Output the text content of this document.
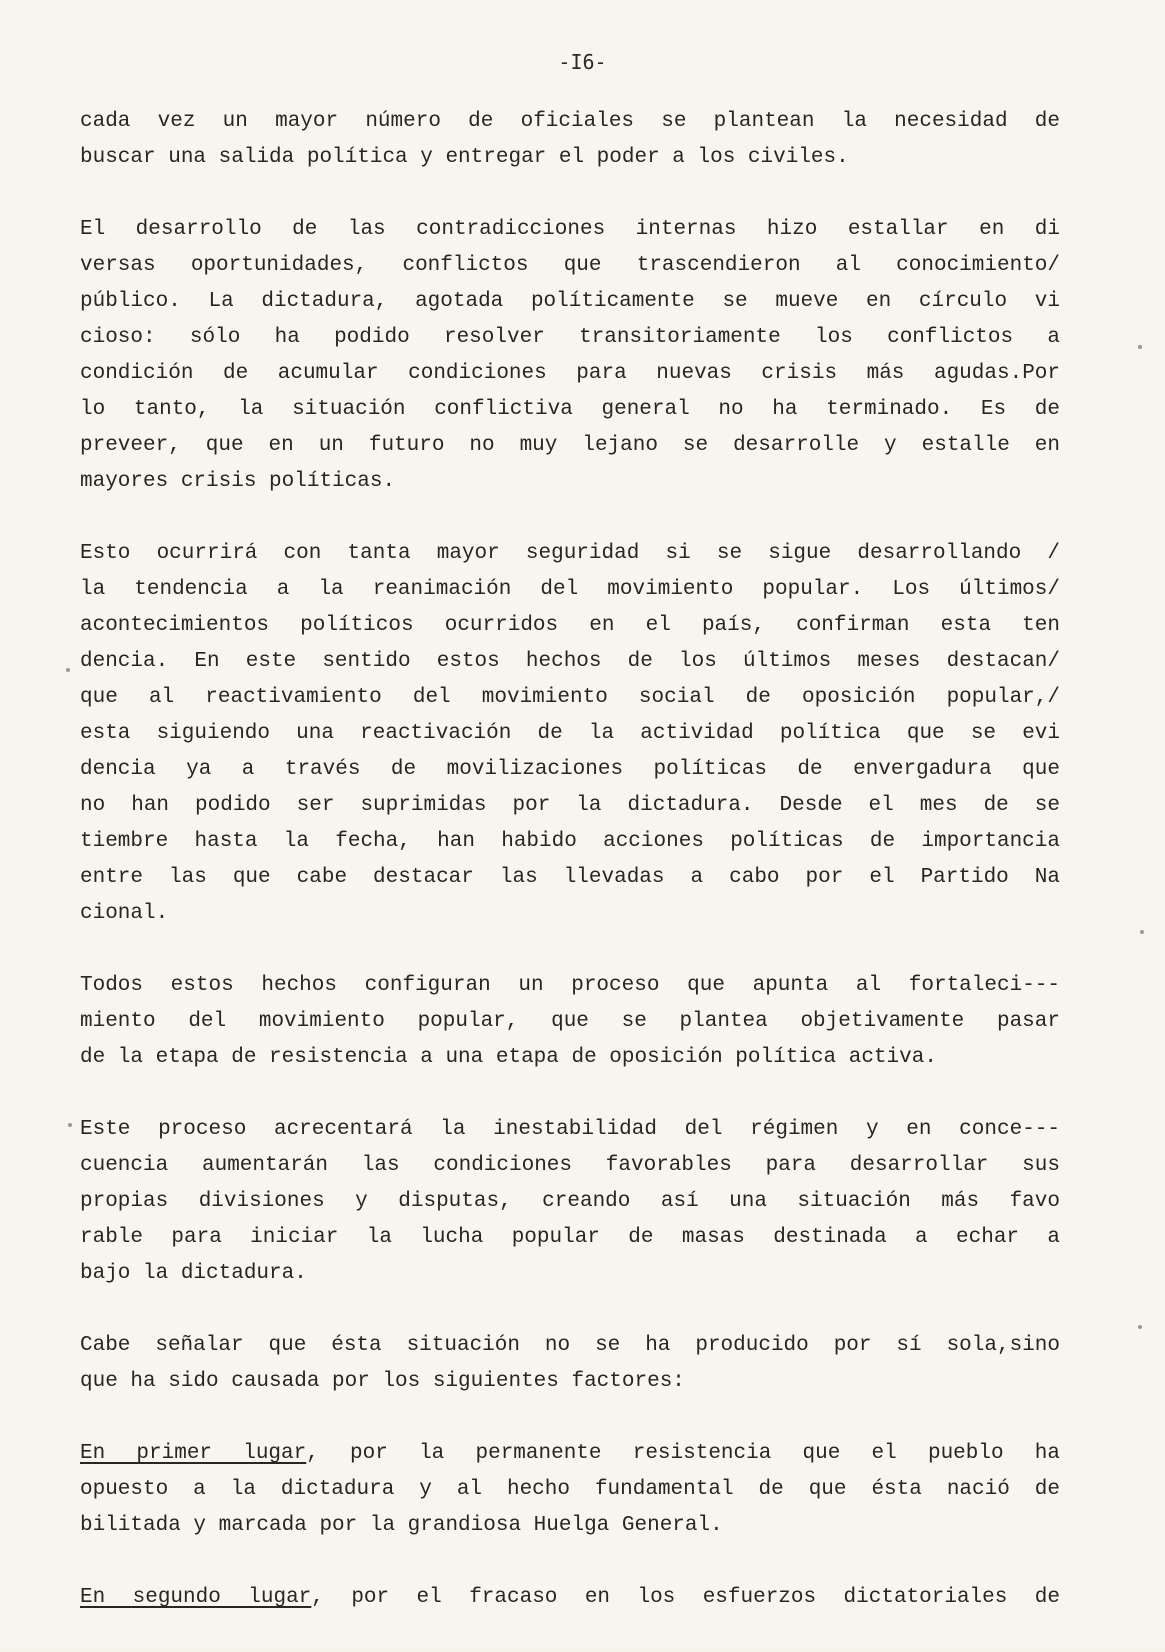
-I6-
cada vez un mayor número de oficiales se plantean la necesidad de
buscar una salida política y entregar el poder a los civiles.
El desarrollo de las contradicciones internas hizo estallar en di
versas oportunidades, conflictos que trascendieron al conocimiento/
público. La dictadura, agotada políticamente se mueve en círculo vi
cioso: sólo ha podido resolver transitoriamente los conflictos a
condición de acumular condiciones para nuevas crisis más agudas.Por
lo tanto, la situación conflictiva general no ha terminado. Es de
preveer, que en un futuro no muy lejano se desarrolle y estalle en
mayores crisis políticas.
Esto ocurrirá con tanta mayor seguridad si se sigue desarrollando /
la tendencia a la reanimación del movimiento popular. Los últimos/
acontecimientos políticos ocurridos en el país, confirman esta ten
dencia. En este sentido estos hechos de los últimos meses destacan/
que al reactivamiento del movimiento social de oposición popular,/
esta siguiendo una reactivación de la actividad política que se evi
dencia ya a través de movilizaciones políticas de envergadura que
no han podido ser suprimidas por la dictadura. Desde el mes de se
tiembre hasta la fecha, han habido acciones políticas de importancia
entre las que cabe destacar las llevadas a cabo por el Partido Na
cional.
Todos estos hechos configuran un proceso que apunta al fortaleci---
miento del movimiento popular, que se plantea objetivamente pasar
de la etapa de resistencia a una etapa de oposición política activa.
Este proceso acrecentará la inestabilidad del régimen y en conce---
cuencia aumentarán las condiciones favorables para desarrollar sus
propias divisiones y disputas, creando así una situación más favo
rable para iniciar la lucha popular de masas destinada a echar a
bajo la dictadura.
Cabe señalar que ésta situación no se ha producido por sí sola,sino
que ha sido causada por los siguientes factores:
En primer lugar, por la permanente resistencia que el pueblo ha
opuesto a la dictadura y al hecho fundamental de que ésta nació de
bilitada y marcada por la grandiosa Huelga General.
En segundo lugar, por el fracaso en los esfuerzos dictatoriales de
